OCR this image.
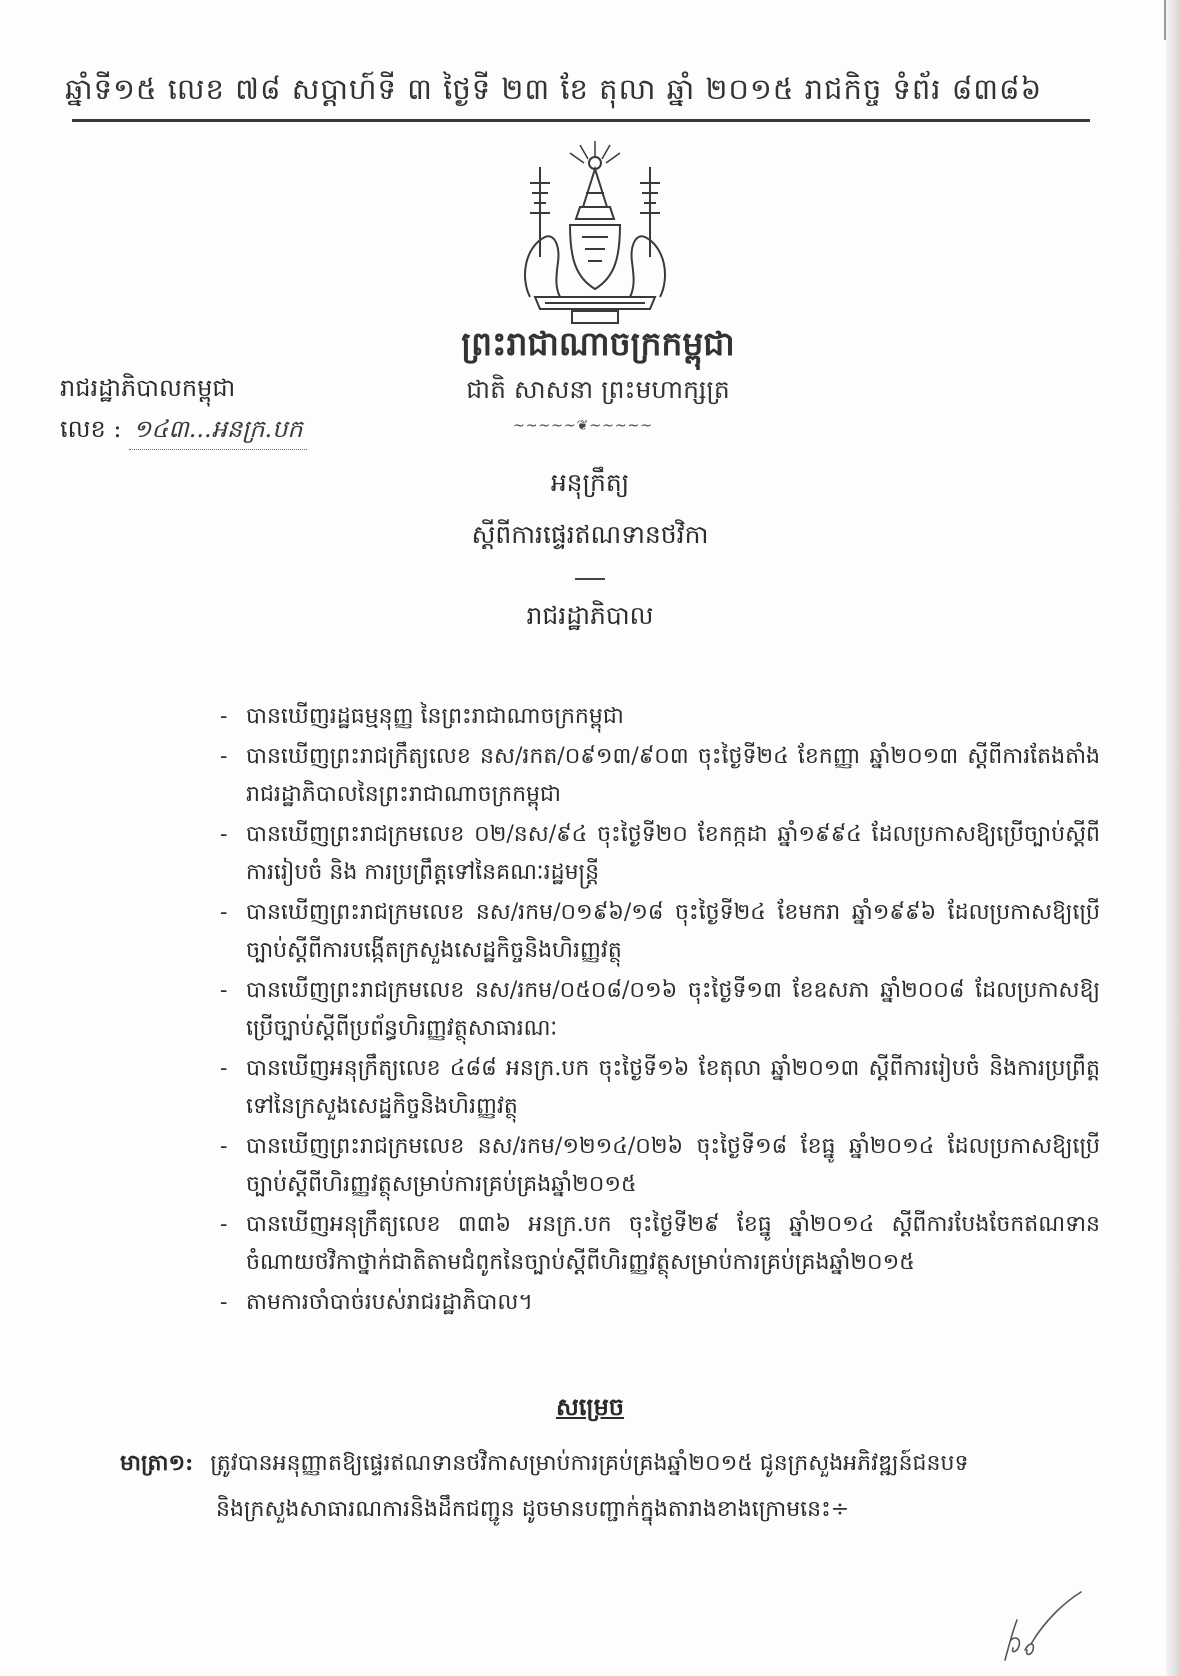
ឆ្នាំទី១៥ លេខ ៧៨ សប្ដាហ៍ទី ៣ ថ្ងៃទី ២៣ ខែ តុលា ឆ្នាំ ២០១៥ រាជកិច្ច ទំព័រ ៨៣៨៦
ព្រះរាជាណាចក្រកម្ពុជា
ជាតិ សាសនា ព្រះមហាក្សត្រ
~~~~~❦~~~~~
រាជរដ្ឋាភិបាលកម្ពុជា
លេខ : ១៤៣...អនក្រ.បក
អនុក្រឹត្យ
ស្ដីពីការផ្ទេរឥណទានថវិកា
រាជរដ្ឋាភិបាល
- បានឃើញរដ្ឋធម្មនុញ្ញ នៃព្រះរាជាណាចក្រកម្ពុជា
- បានឃើញព្រះរាជក្រឹត្យលេខ នស/រកត/០៩១៣/៩០៣ ចុះថ្ងៃទី២៤ ខែកញ្ញា ឆ្នាំ២០១៣ ស្ដីពីការតែងតាំងរាជរដ្ឋាភិបាលនៃព្រះរាជាណាចក្រកម្ពុជា
- បានឃើញព្រះរាជក្រមលេខ ០២/នស/៩៤ ចុះថ្ងៃទី២០ ខែកក្កដា ឆ្នាំ១៩៩៤ ដែលប្រកាសឱ្យប្រើច្បាប់ស្ដីពីការរៀបចំ និង ការប្រព្រឹត្តទៅនៃគណៈរដ្ឋមន្ត្រី
- បានឃើញព្រះរាជក្រមលេខ នស/រកម/០១៩៦/១៨ ចុះថ្ងៃទី២៤ ខែមករា ឆ្នាំ១៩៩៦ ដែលប្រកាសឱ្យប្រើច្បាប់ស្ដីពីការបង្កើតក្រសួងសេដ្ឋកិច្ចនិងហិរញ្ញវត្ថុ
- បានឃើញព្រះរាជក្រមលេខ នស/រកម/០៥០៨/០១៦ ចុះថ្ងៃទី១៣ ខែឧសភា ឆ្នាំ២០០៨ ដែលប្រកាសឱ្យប្រើច្បាប់ស្ដីពីប្រព័ន្ធហិរញ្ញវត្ថុសាធារណៈ
- បានឃើញអនុក្រឹត្យលេខ ៤៨៨ អនក្រ.បក ចុះថ្ងៃទី១៦ ខែតុលា ឆ្នាំ២០១៣ ស្ដីពីការរៀបចំ និងការប្រព្រឹត្តទៅនៃក្រសួងសេដ្ឋកិច្ចនិងហិរញ្ញវត្ថុ
- បានឃើញព្រះរាជក្រមលេខ នស/រកម/១២១៤/០២៦ ចុះថ្ងៃទី១៨ ខែធ្នូ ឆ្នាំ២០១៤ ដែលប្រកាសឱ្យប្រើច្បាប់ស្ដីពីហិរញ្ញវត្ថុសម្រាប់ការគ្រប់គ្រងឆ្នាំ២០១៥
- បានឃើញអនុក្រឹត្យលេខ ៣៣៦ អនក្រ.បក ចុះថ្ងៃទី២៩ ខែធ្នូ ឆ្នាំ២០១៤ ស្ដីពីការបែងចែកឥណទានចំណាយថវិកាថ្នាក់ជាតិតាមជំពូកនៃច្បាប់ស្ដីពីហិរញ្ញវត្ថុសម្រាប់ការគ្រប់គ្រងឆ្នាំ២០១៥
- តាមការចាំបាច់របស់រាជរដ្ឋាភិបាល។
សម្រេច
មាត្រា១: ត្រូវបានអនុញ្ញាតឱ្យផ្ទេរឥណទានថវិកាសម្រាប់ការគ្រប់គ្រងឆ្នាំ២០១៥ ជូនក្រសួងអភិវឌ្ឍន៍ជនបទ
និងក្រសួងសាធារណការនិងដឹកជញ្ជូន ដូចមានបញ្ជាក់ក្នុងតារាងខាងក្រោមនេះ÷
